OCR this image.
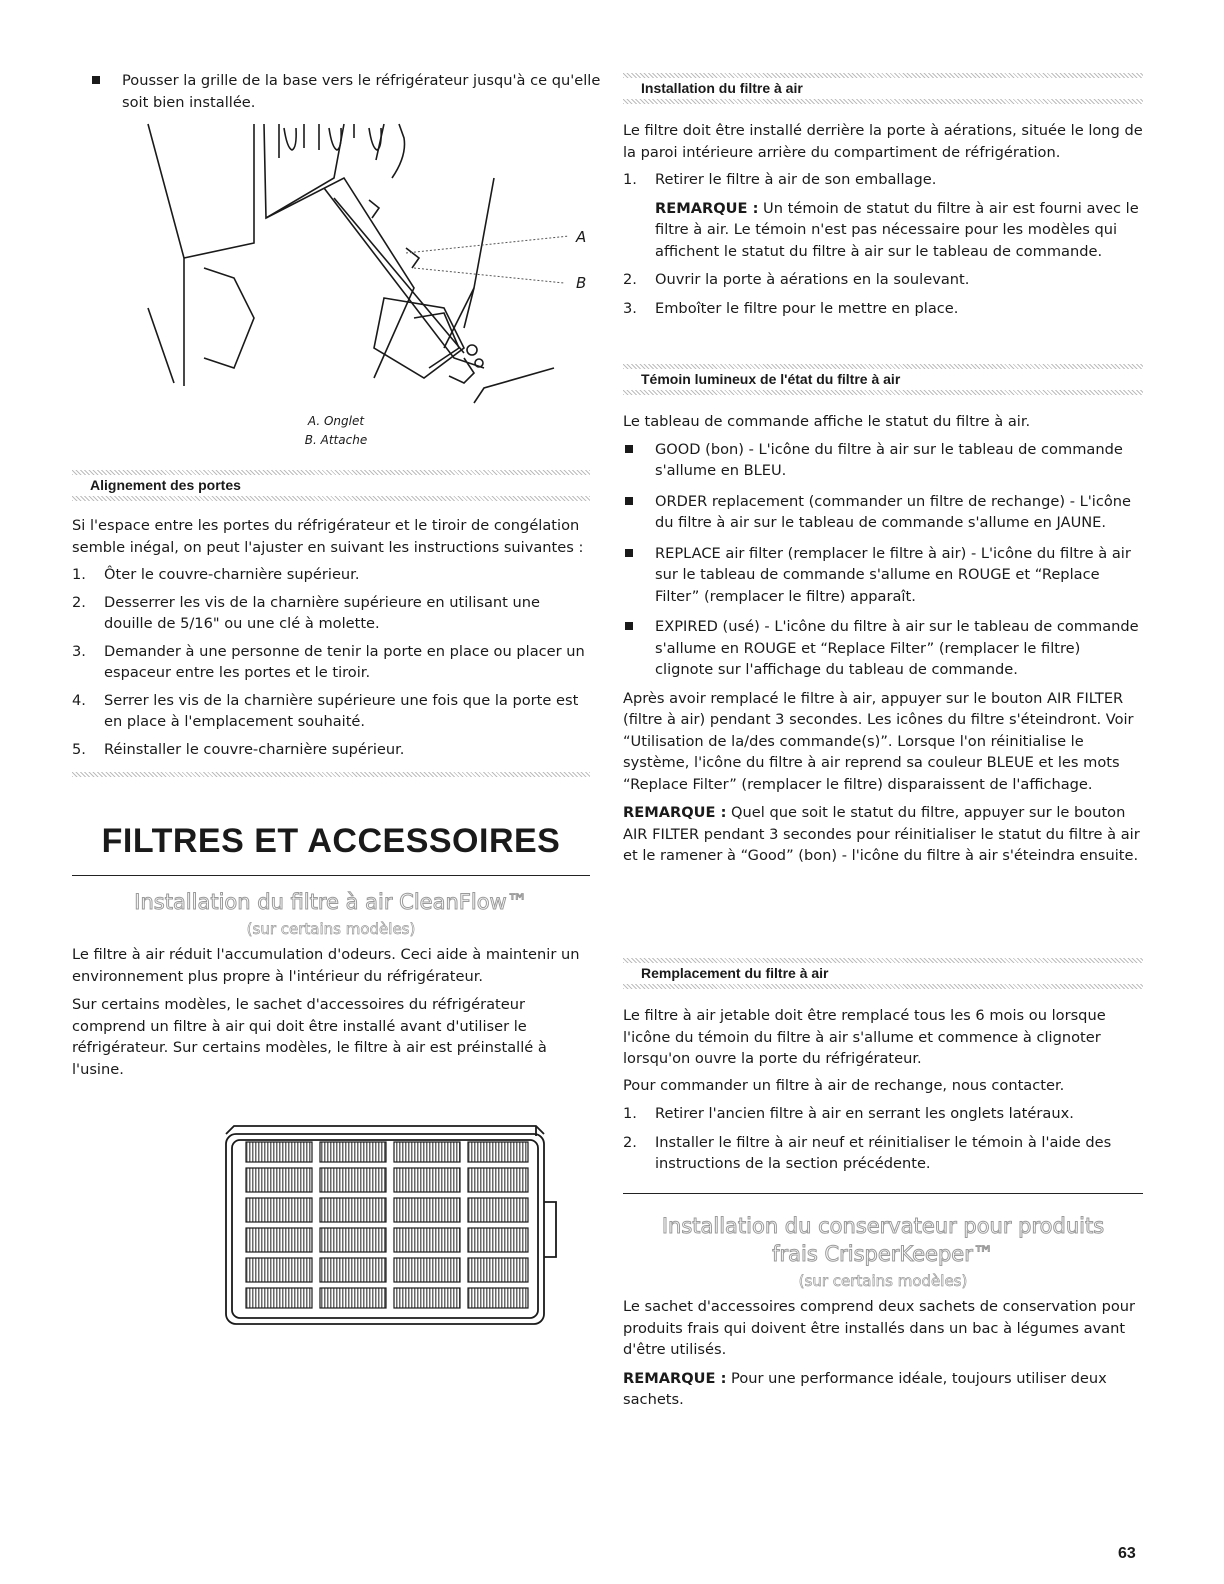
Pousser la grille de la base vers le réfrigérateur jusqu'à ce qu'elle soit bien installée.

A
B
A. Onglet
B. Attache
Alignement des portes

Si l'espace entre les portes du réfrigérateur et le tiroir de congélation semble inégal, on peut l'ajuster en suivant les instructions suivantes :

1. Ôter le couvre-charnière supérieur.

2. Desserrer les vis de la charnière supérieure en utilisant une douille de 5/16" ou une clé à molette.

3. Demander à une personne de tenir la porte en place ou placer un espaceur entre les portes et le tiroir.

4. Serrer les vis de la charnière supérieure une fois que la porte est en place à l'emplacement souhaité.

5. Réinstaller le couvre-charnière supérieur.

FILTRES ET ACCESSOIRES
Installation du filtre à air CleanFlow™
(sur certains modèles)

Le filtre à air réduit l'accumulation d'odeurs. Ceci aide à maintenir un environnement plus propre à l'intérieur du réfrigérateur.

Sur certains modèles, le sachet d'accessoires du réfrigérateur comprend un filtre à air qui doit être installé avant d'utiliser le réfrigérateur. Sur certains modèles, le filtre à air est préinstallé à l'usine.

Installation du filtre à air

Le filtre doit être installé derrière la porte à aérations, située le long de la paroi intérieure arrière du compartiment de réfrigération.

1. Retirer le filtre à air de son emballage.

REMARQUE : Un témoin de statut du filtre à air est fourni avec le filtre à air. Le témoin n'est pas nécessaire pour les modèles qui affichent le statut du filtre à air sur le tableau de commande.

2. Ouvrir la porte à aérations en la soulevant.

3. Emboîter le filtre pour le mettre en place.

Témoin lumineux de l'état du filtre à air

Le tableau de commande affiche le statut du filtre à air.

GOOD (bon) - L'icône du filtre à air sur le tableau de commande s'allume en BLEU.

ORDER replacement (commander un filtre de rechange) - L'icône du filtre à air sur le tableau de commande s'allume en JAUNE.

REPLACE air filter (remplacer le filtre à air) - L'icône du filtre à air sur le tableau de commande s'allume en ROUGE et “Replace Filter” (remplacer le filtre) apparaît.

EXPIRED (usé) - L'icône du filtre à air sur le tableau de commande s'allume en ROUGE et “Replace Filter” (remplacer le filtre) clignote sur l'affichage du tableau de commande.

Après avoir remplacé le filtre à air, appuyer sur le bouton AIR FILTER (filtre à air) pendant 3 secondes. Les icônes du filtre s'éteindront. Voir “Utilisation de la/des commande(s)”. Lorsque l'on réinitialise le système, l'icône du filtre à air reprend sa couleur BLEUE et les mots “Replace Filter” (remplacer le filtre) disparaissent de l'affichage.

REMARQUE : Quel que soit le statut du filtre, appuyer sur le bouton AIR FILTER pendant 3 secondes pour réinitialiser le statut du filtre à air et le ramener à “Good” (bon) - l'icône du filtre à air s'éteindra ensuite.

Remplacement du filtre à air

Le filtre à air jetable doit être remplacé tous les 6 mois ou lorsque l'icône du témoin du filtre à air s'allume et commence à clignoter lorsqu'on ouvre la porte du réfrigérateur.

Pour commander un filtre à air de rechange, nous contacter.

1. Retirer l'ancien filtre à air en serrant les onglets latéraux.

2. Installer le filtre à air neuf et réinitialiser le témoin à l'aide des instructions de la section précédente.

Installation du conservateur pour produits
frais CrisperKeeper™
(sur certains modèles)

Le sachet d'accessoires comprend deux sachets de conservation pour produits frais qui doivent être installés dans un bac à légumes avant d'être utilisés.

REMARQUE : Pour une performance idéale, toujours utiliser deux sachets.

63
